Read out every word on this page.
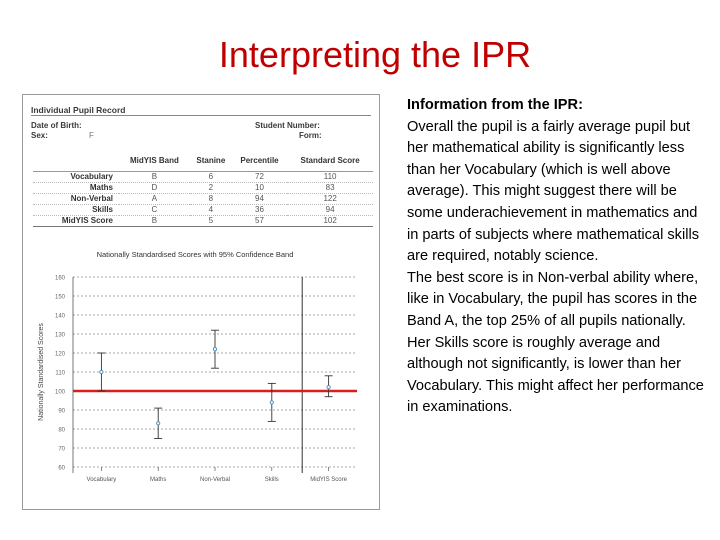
Interpreting the IPR
Individual Pupil Record
Date of Birth:
Sex:	F
Student Number:
Form:
	MidYIS Band	Stanine	Percentile	Standard Score
Vocabulary	B	6	72	110
Maths	D	2	10	83
Non-Verbal	A	8	94	122
Skills	C	4	36	94
MidYIS Score	B	5	57	102
Nationally Standardised Scores with 95% Confidence Band
Nationally Standardised Scores
60
70
80
90
100
110
120
130
140
150
160
Vocabulary	Maths	Non-Verbal	Skills	MidYIS Score

Information from the IPR:

Overall the pupil is a fairly average pupil but her mathematical ability is significantly less than her Vocabulary (which is well above average). This might suggest there will be some underachievement in mathematics and in parts of subjects where mathematical skills are required, notably science.

The best score is in Non-verbal ability where, like in Vocabulary, the pupil has scores in the Band A, the top 25% of all pupils nationally. Her Skills score is roughly average and although not significantly, is lower than her Vocabulary. This might affect her performance in examinations.
